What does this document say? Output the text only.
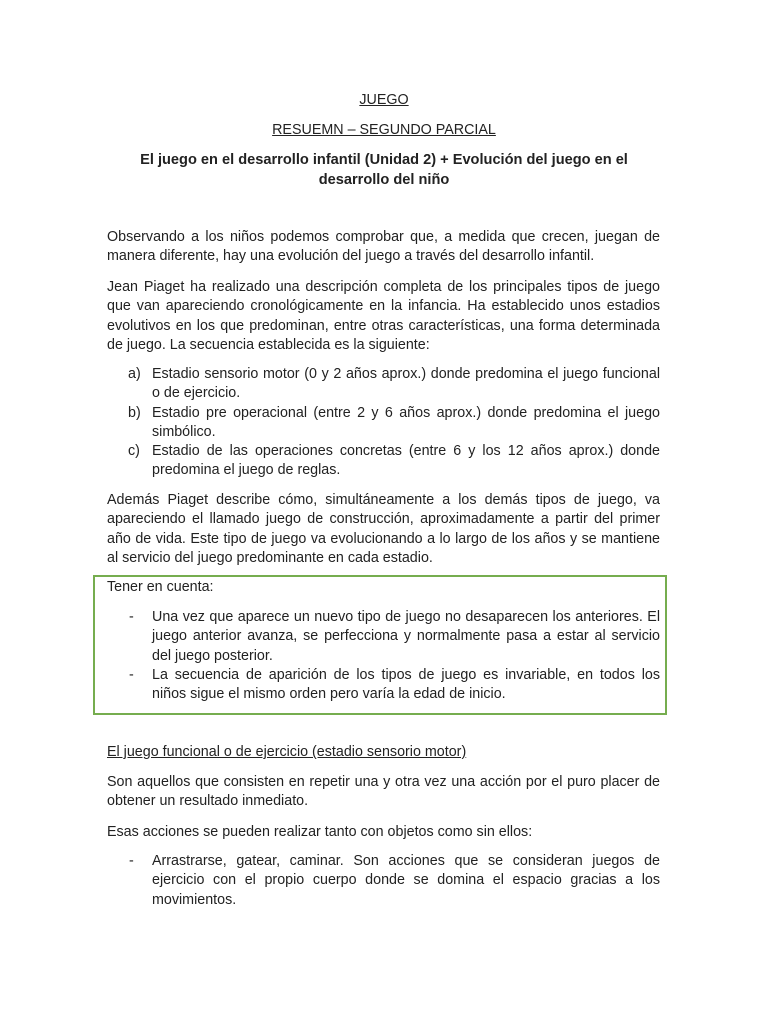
JUEGO

RESUEMN – SEGUNDO PARCIAL

El juego en el desarrollo infantil (Unidad 2) + Evolución del juego en el
desarrollo del niño

Observando a los niños podemos comprobar que, a medida que crecen, juegan de manera diferente, hay una evolución del juego a través del desarrollo infantil.

Jean Piaget ha realizado una descripción completa de los principales tipos de juego que van apareciendo cronológicamente en la infancia. Ha establecido unos estadios evolutivos en los que predominan, entre otras características, una forma determinada de juego. La secuencia establecida es la siguiente:

a) Estadio sensorio motor (0 y 2 años aprox.) donde predomina el juego funcional o de ejercicio.
b) Estadio pre operacional (entre 2 y 6 años aprox.) donde predomina el juego simbólico.
c) Estadio de las operaciones concretas (entre 6 y los 12 años aprox.) donde predomina el juego de reglas.

Además Piaget describe cómo, simultáneamente a los demás tipos de juego, va apareciendo el llamado juego de construcción, aproximadamente a partir del primer año de vida. Este tipo de juego va evolucionando a lo largo de los años y se mantiene al servicio del juego predominante en cada estadio.

Tener en cuenta:

- Una vez que aparece un nuevo tipo de juego no desaparecen los anteriores. El juego anterior avanza, se perfecciona y normalmente pasa a estar al servicio del juego posterior.
- La secuencia de aparición de los tipos de juego es invariable, en todos los niños sigue el mismo orden pero varía la edad de inicio.

El juego funcional o de ejercicio (estadio sensorio motor)

Son aquellos que consisten en repetir una y otra vez una acción por el puro placer de obtener un resultado inmediato.

Esas acciones se pueden realizar tanto con objetos como sin ellos:

- Arrastrarse, gatear, caminar. Son acciones que se consideran juegos de ejercicio con el propio cuerpo donde se domina el espacio gracias a los movimientos.
